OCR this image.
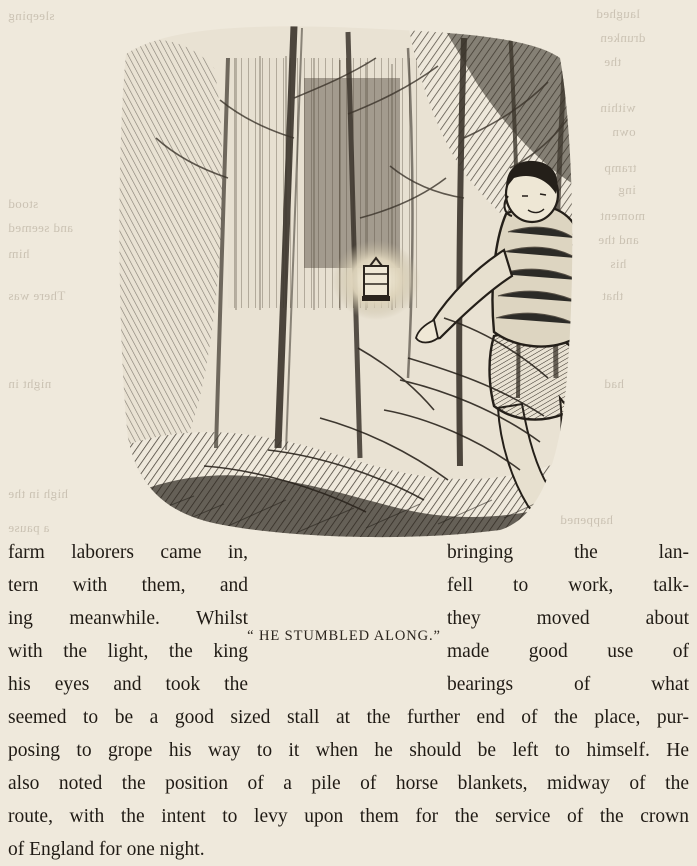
sleeping	laughed
drunken
the
within
own
tramp
ing
stood
and seemed
him
moment
and the
his
There was	that
night in	had
high in the
happened
a pause
“ HE STUMBLED ALONG.”
farm laborers came in,	bringing the lan-
tern with them, and	fell to work, talk-
ing meanwhile. Whilst	they moved about
with the light, the king	made good use of
his eyes and took the	bearings of what
seemed to be a good sized stall at the further end of the place, pur-
posing to grope his way to it when he should be left to himself. He
also noted the position of a pile of horse blankets, midway of the
route, with the intent to levy upon them for the service of the crown
of England for one night.
